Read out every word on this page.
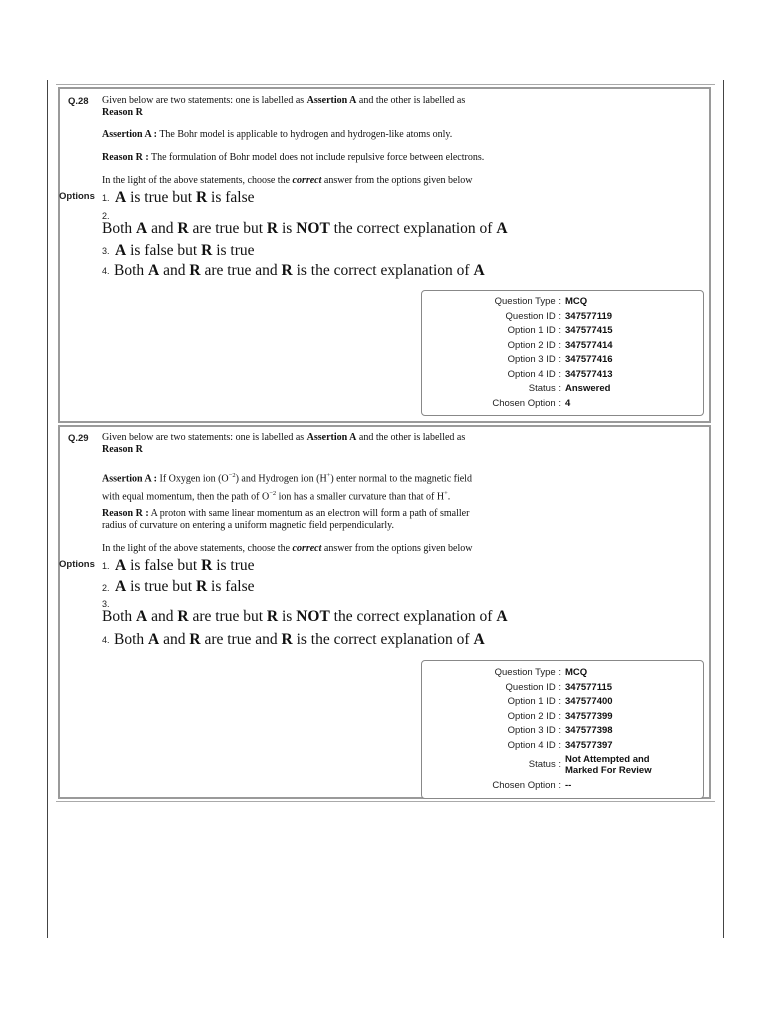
Q.28 Given below are two statements: one is labelled as Assertion A and the other is labelled as
Reason R
Assertion A : The Bohr model is applicable to hydrogen and hydrogen-like atoms only.
Reason R : The formulation of Bohr model does not include repulsive force between electrons.
In the light of the above statements, choose the correct answer from the options given below
Options 1. A is true but R is false
2.
Both A and R are true but R is NOT the correct explanation of A
3. A is false but R is true
4. Both A and R are true and R is the correct explanation of A
Question Type : MCQ
Question ID : 347577119
Option 1 ID : 347577415
Option 2 ID : 347577414
Option 3 ID : 347577416
Option 4 ID : 347577413
Status : Answered
Chosen Option : 4
Q.29 Given below are two statements: one is labelled as Assertion A and the other is labelled as
Reason R
Assertion A : If Oxygen ion $(O^{-2})$ and Hydrogen ion (H+) enter normal to the magnetic field
with equal momentum, then the path of $O^{-2}$ ion has a smaller curvature than that of H+.
Reason R : A proton with same linear momentum as an electron will form a path of smaller
radius of curvature on entering a uniform magnetic field perpendicularly.
In the light of the above statements, choose the correct answer from the options given below
Options 1. A is false but R is true
2. A is true but R is false
3.
Both A and R are true but R is NOT the correct explanation of A
4. Both A and R are true and R is the correct explanation of A
Question Type : MCQ
Question ID : 347577115
Option 1 ID : 347577400
Option 2 ID : 347577399
Option 3 ID : 347577398
Option 4 ID : 347577397
Status : Not Attempted and
Marked For Review
Chosen Option : --
